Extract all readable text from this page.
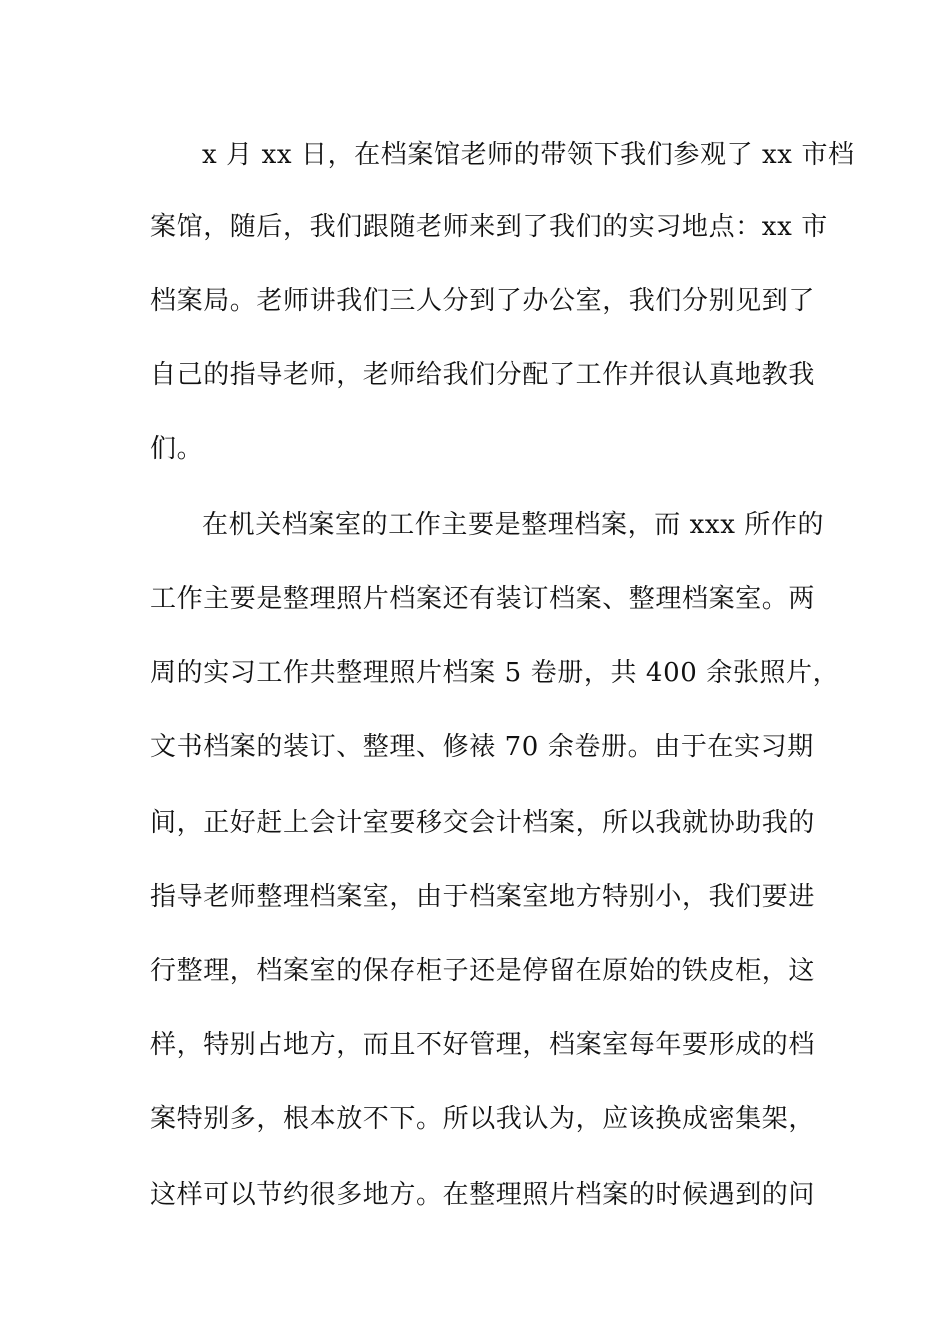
x 月 xx 日，在档案馆老师的带领下我们参观了 xx 市档
案馆，随后，我们跟随老师来到了我们的实习地点：xx 市
档案局。老师讲我们三人分到了办公室，我们分别见到了
自己的指导老师，老师给我们分配了工作并很认真地教我
们。
在机关档案室的工作主要是整理档案，而 xxx 所作的
工作主要是整理照片档案还有装订档案、整理档案室。两
周的实习工作共整理照片档案 5 卷册，共 400 余张照片，
文书档案的装订、整理、修裱 70 余卷册。由于在实习期
间，正好赶上会计室要移交会计档案，所以我就协助我的
指导老师整理档案室，由于档案室地方特别小，我们要进
行整理，档案室的保存柜子还是停留在原始的铁皮柜，这
样，特别占地方，而且不好管理，档案室每年要形成的档
案特别多，根本放不下。所以我认为，应该换成密集架，
这样可以节约很多地方。在整理照片档案的时候遇到的问
